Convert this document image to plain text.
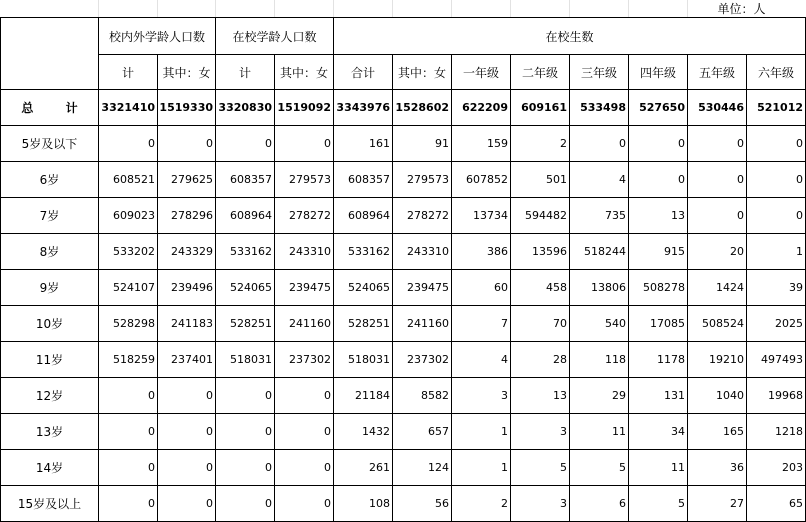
											单位：人	
	校内外学龄人口数		在校学龄人口数		在校生数							
	计	其中：女	计	其中：女	合计	其中：女	一年级	二年级	三年级	四年级	五年级	六年级
总 计	3321410	1519330	3320830	1519092	3343976	1528602	622209	609161	533498	527650	530446	521012
5岁及以下	0	0	0	0	161	91	159	2	0	0	0	0
6岁	608521	279625	608357	279573	608357	279573	607852	501	4	0	0	0
7岁	609023	278296	608964	278272	608964	278272	13734	594482	735	13	0	0
8岁	533202	243329	533162	243310	533162	243310	386	13596	518244	915	20	1
9岁	524107	239496	524065	239475	524065	239475	60	458	13806	508278	1424	39
10岁	528298	241183	528251	241160	528251	241160	7	70	540	17085	508524	2025
11岁	518259	237401	518031	237302	518031	237302	4	28	118	1178	19210	497493
12岁	0	0	0	0	21184	8582	3	13	29	131	1040	19968
13岁	0	0	0	0	1432	657	1	3	11	34	165	1218
14岁	0	0	0	0	261	124	1	5	5	11	36	203
15岁及以上	0	0	0	0	108	56	2	3	6	5	27	65
